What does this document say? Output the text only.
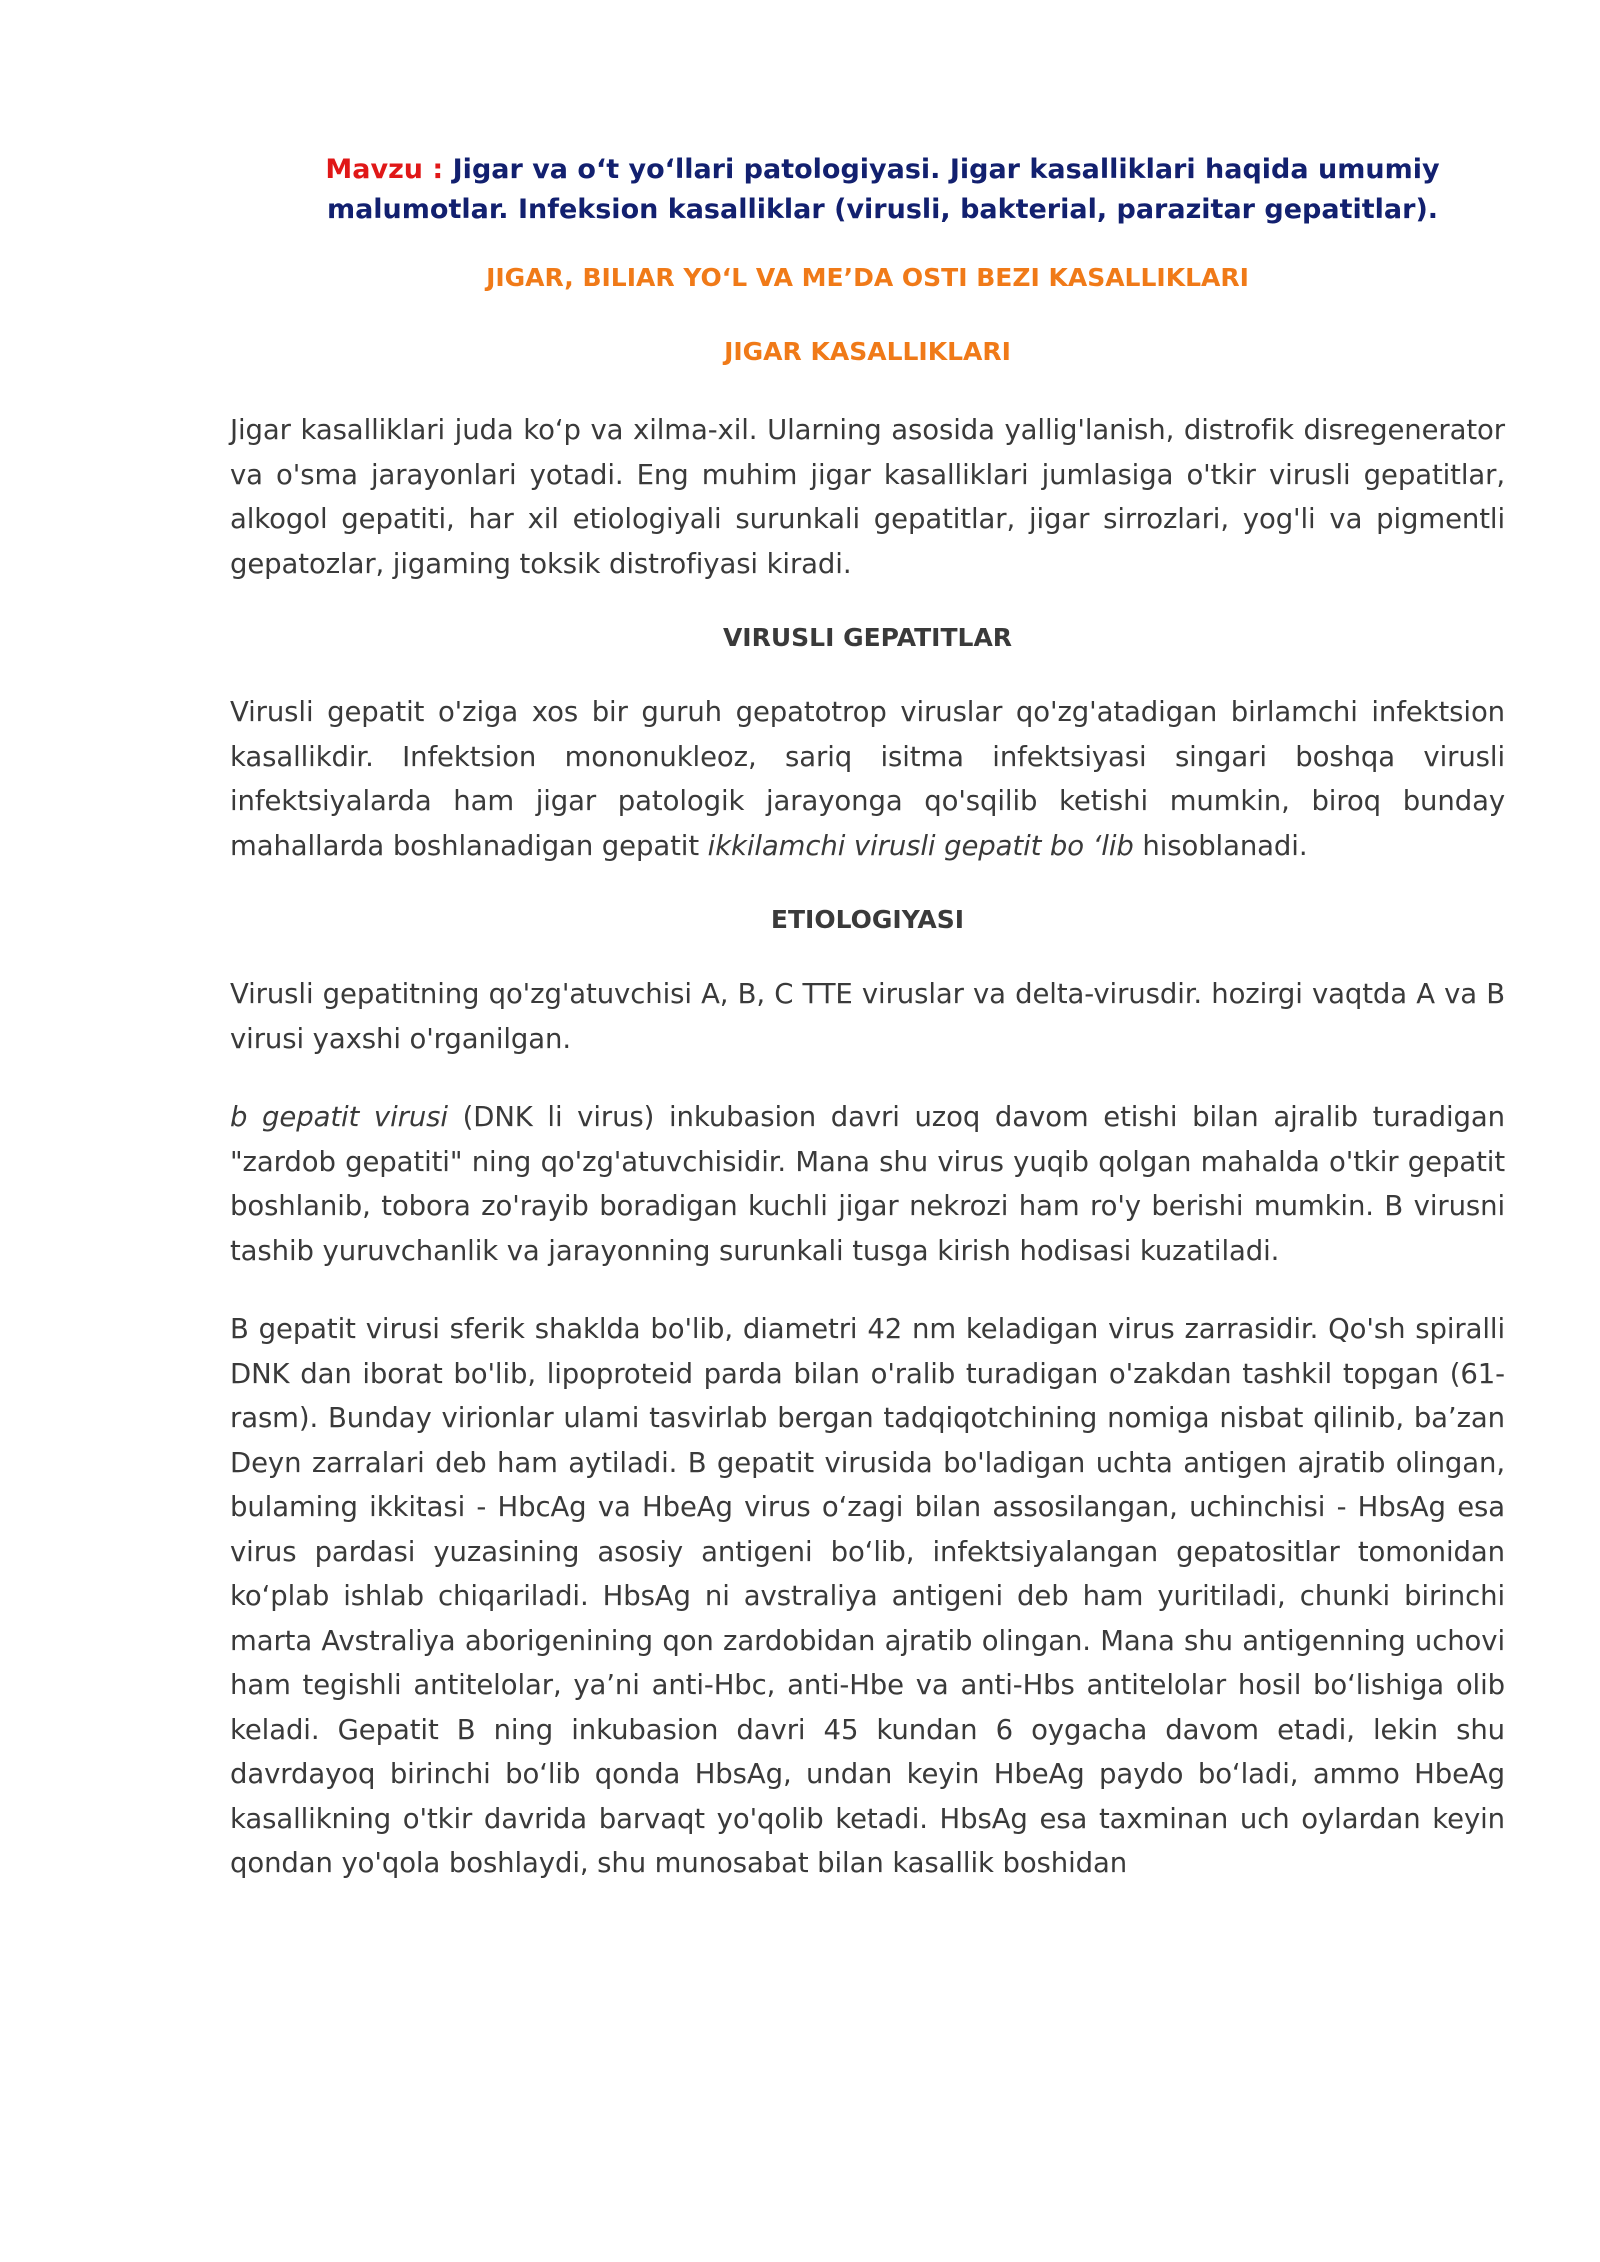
Mavzu : Jigar va o‘t yo‘llari patologiyasi. Jigar kasalliklari haqida umumiy malumotlar. Infeksion kasalliklar (virusli, bakterial, parazitar gepatitlar).

JIGAR, BILIAR YO‘L VA ME’DA OSTI BEZI KASALLIKLARI

JIGAR KASALLIKLARI

Jigar kasalliklari juda ko‘p va xilma-xil. Ularning asosida yallig'lanish, distrofik disregenerator va o'sma jarayonlari yotadi. Eng muhim jigar kasalliklari jumlasiga o'tkir virusli gepatitlar, alkogol gepatiti, har xil etiologiyali surunkali gepatitlar, jigar sirrozlari, yog'li va pigmentli gepatozlar, jigaming toksik distrofiyasi kiradi.

VIRUSLI GEPATITLAR

Virusli gepatit o'ziga xos bir guruh gepatotrop viruslar qo'zg'atadigan birlamchi infektsion kasallikdir. Infektsion mononukleoz, sariq isitma infektsiyasi singari boshqa virusli infektsiyalarda ham jigar patologik jarayonga qo'sqilib ketishi mumkin, biroq bunday mahallarda boshlanadigan gepatit ikkilamchi virusli gepatit bo ‘lib hisoblanadi.

ETIOLOGIYASI

Virusli gepatitning qo'zg'atuvchisi A, B, C TTE viruslar va delta-virusdir. hozirgi vaqtda A va B virusi yaxshi o'rganilgan.

b gepatit virusi (DNK li virus) inkubasion davri uzoq davom etishi bilan ajralib turadigan "zardob gepatiti" ning qo'zg'atuvchisidir. Mana shu virus yuqib qolgan mahalda o'tkir gepatit boshlanib, tobora zo'rayib boradigan kuchli jigar nekrozi ham ro'y berishi mumkin. B virusni tashib yuruvchanlik va jarayonning surunkali tusga kirish hodisasi kuzatiladi.

B gepatit virusi sferik shaklda bo'lib, diametri 42 nm keladigan virus zarrasidir. Qo'sh spiralli DNK dan iborat bo'lib, lipoproteid parda bilan o'ralib turadigan o'zakdan tashkil topgan (61-rasm). Bunday virionlar ulami tasvirlab bergan tadqiqotchining nomiga nisbat qilinib, ba’zan Deyn zarralari deb ham aytiladi. B gepatit virusida bo'ladigan uchta antigen ajratib olingan, bulaming ikkitasi - HbcAg va HbeAg virus o‘zagi bilan assosilangan, uchinchisi - HbsAg esa virus pardasi yuzasining asosiy antigeni bo‘lib, infektsiyalangan gepatositlar tomonidan ko‘plab ishlab chiqariladi. HbsAg ni avstraliya antigeni deb ham yuritiladi, chunki birinchi marta Avstraliya aborigenining qon zardobidan ajratib olingan. Mana shu antigenning uchovi ham tegishli antitelolar, ya’ni anti-Hbc, anti-Hbe va anti-Hbs antitelolar hosil bo‘lishiga olib keladi. Gepatit B ning inkubasion davri 45 kundan 6 oygacha davom etadi, lekin shu davrdayoq birinchi bo‘lib qonda HbsAg, undan keyin HbeAg paydo bo‘ladi, ammo HbeAg kasallikning o'tkir davrida barvaqt yo'qolib ketadi. HbsAg esa taxminan uch oylardan keyin qondan yo'qola boshlaydi, shu munosabat bilan kasallik boshidan
